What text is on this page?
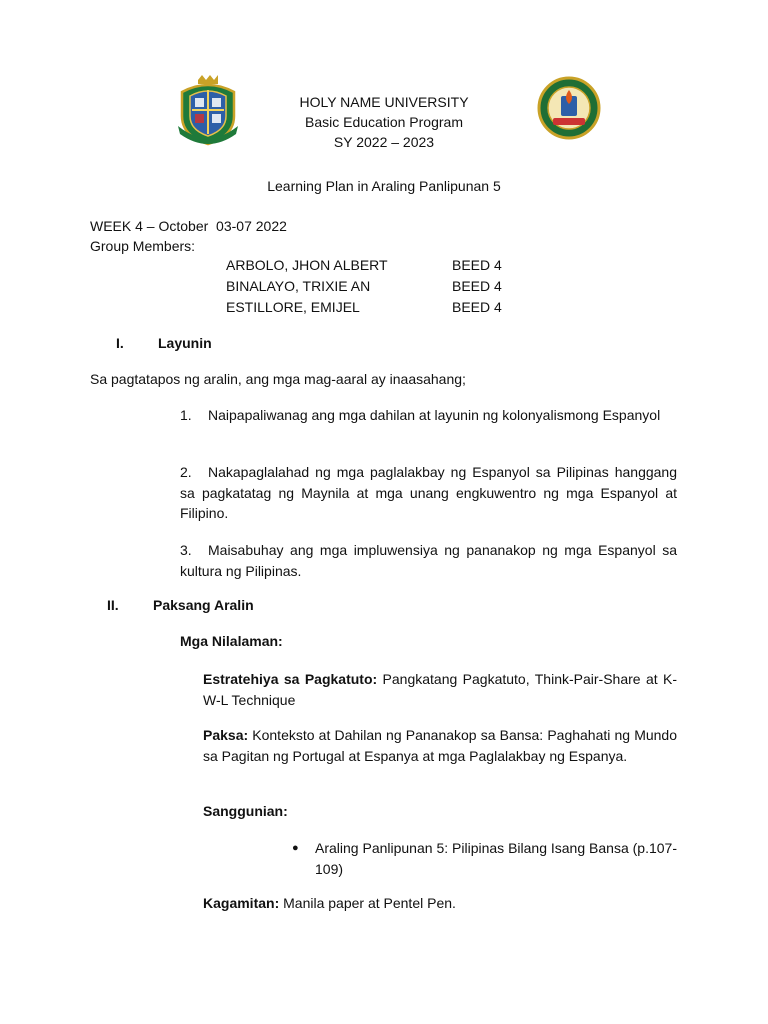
HOLY NAME UNIVERSITY
Basic Education Program
SY 2022 – 2023
Learning Plan in Araling Panlipunan 5
WEEK 4 – October  03-07 2022
Group Members:
ARBOLO, JHON ALBERT	BEED 4
BINALAYO, TRIXIE AN	BEED 4
ESTILLORE, EMIJEL	BEED 4
I. Layunin
Sa pagtatapos ng aralin, ang mga mag-aaral ay inaasahang;
1. Naipapaliwanag ang mga dahilan at layunin ng kolonyalismong Espanyol
2. Nakapaglalahad ng mga paglalakbay ng Espanyol sa Pilipinas hanggang sa pagkatatag ng Maynila at mga unang engkuwentro ng mga Espanyol at Filipino.
3. Maisabuhay ang mga impluwensiya ng pananakop ng mga Espanyol sa kultura ng Pilipinas.
II. Paksang Aralin
Mga Nilalaman:
Estratehiya sa Pagkatuto: Pangkatang Pagkatuto, Think-Pair-Share at K-W-L Technique
Paksa: Konteksto at Dahilan ng Pananakop sa Bansa: Paghahati ng Mundo sa Pagitan ng Portugal at Espanya at mga Paglalakbay ng Espanya.
Sanggunian:
● Araling Panlipunan 5: Pilipinas Bilang Isang Bansa (p.107-109)
Kagamitan: Manila paper at Pentel Pen.
